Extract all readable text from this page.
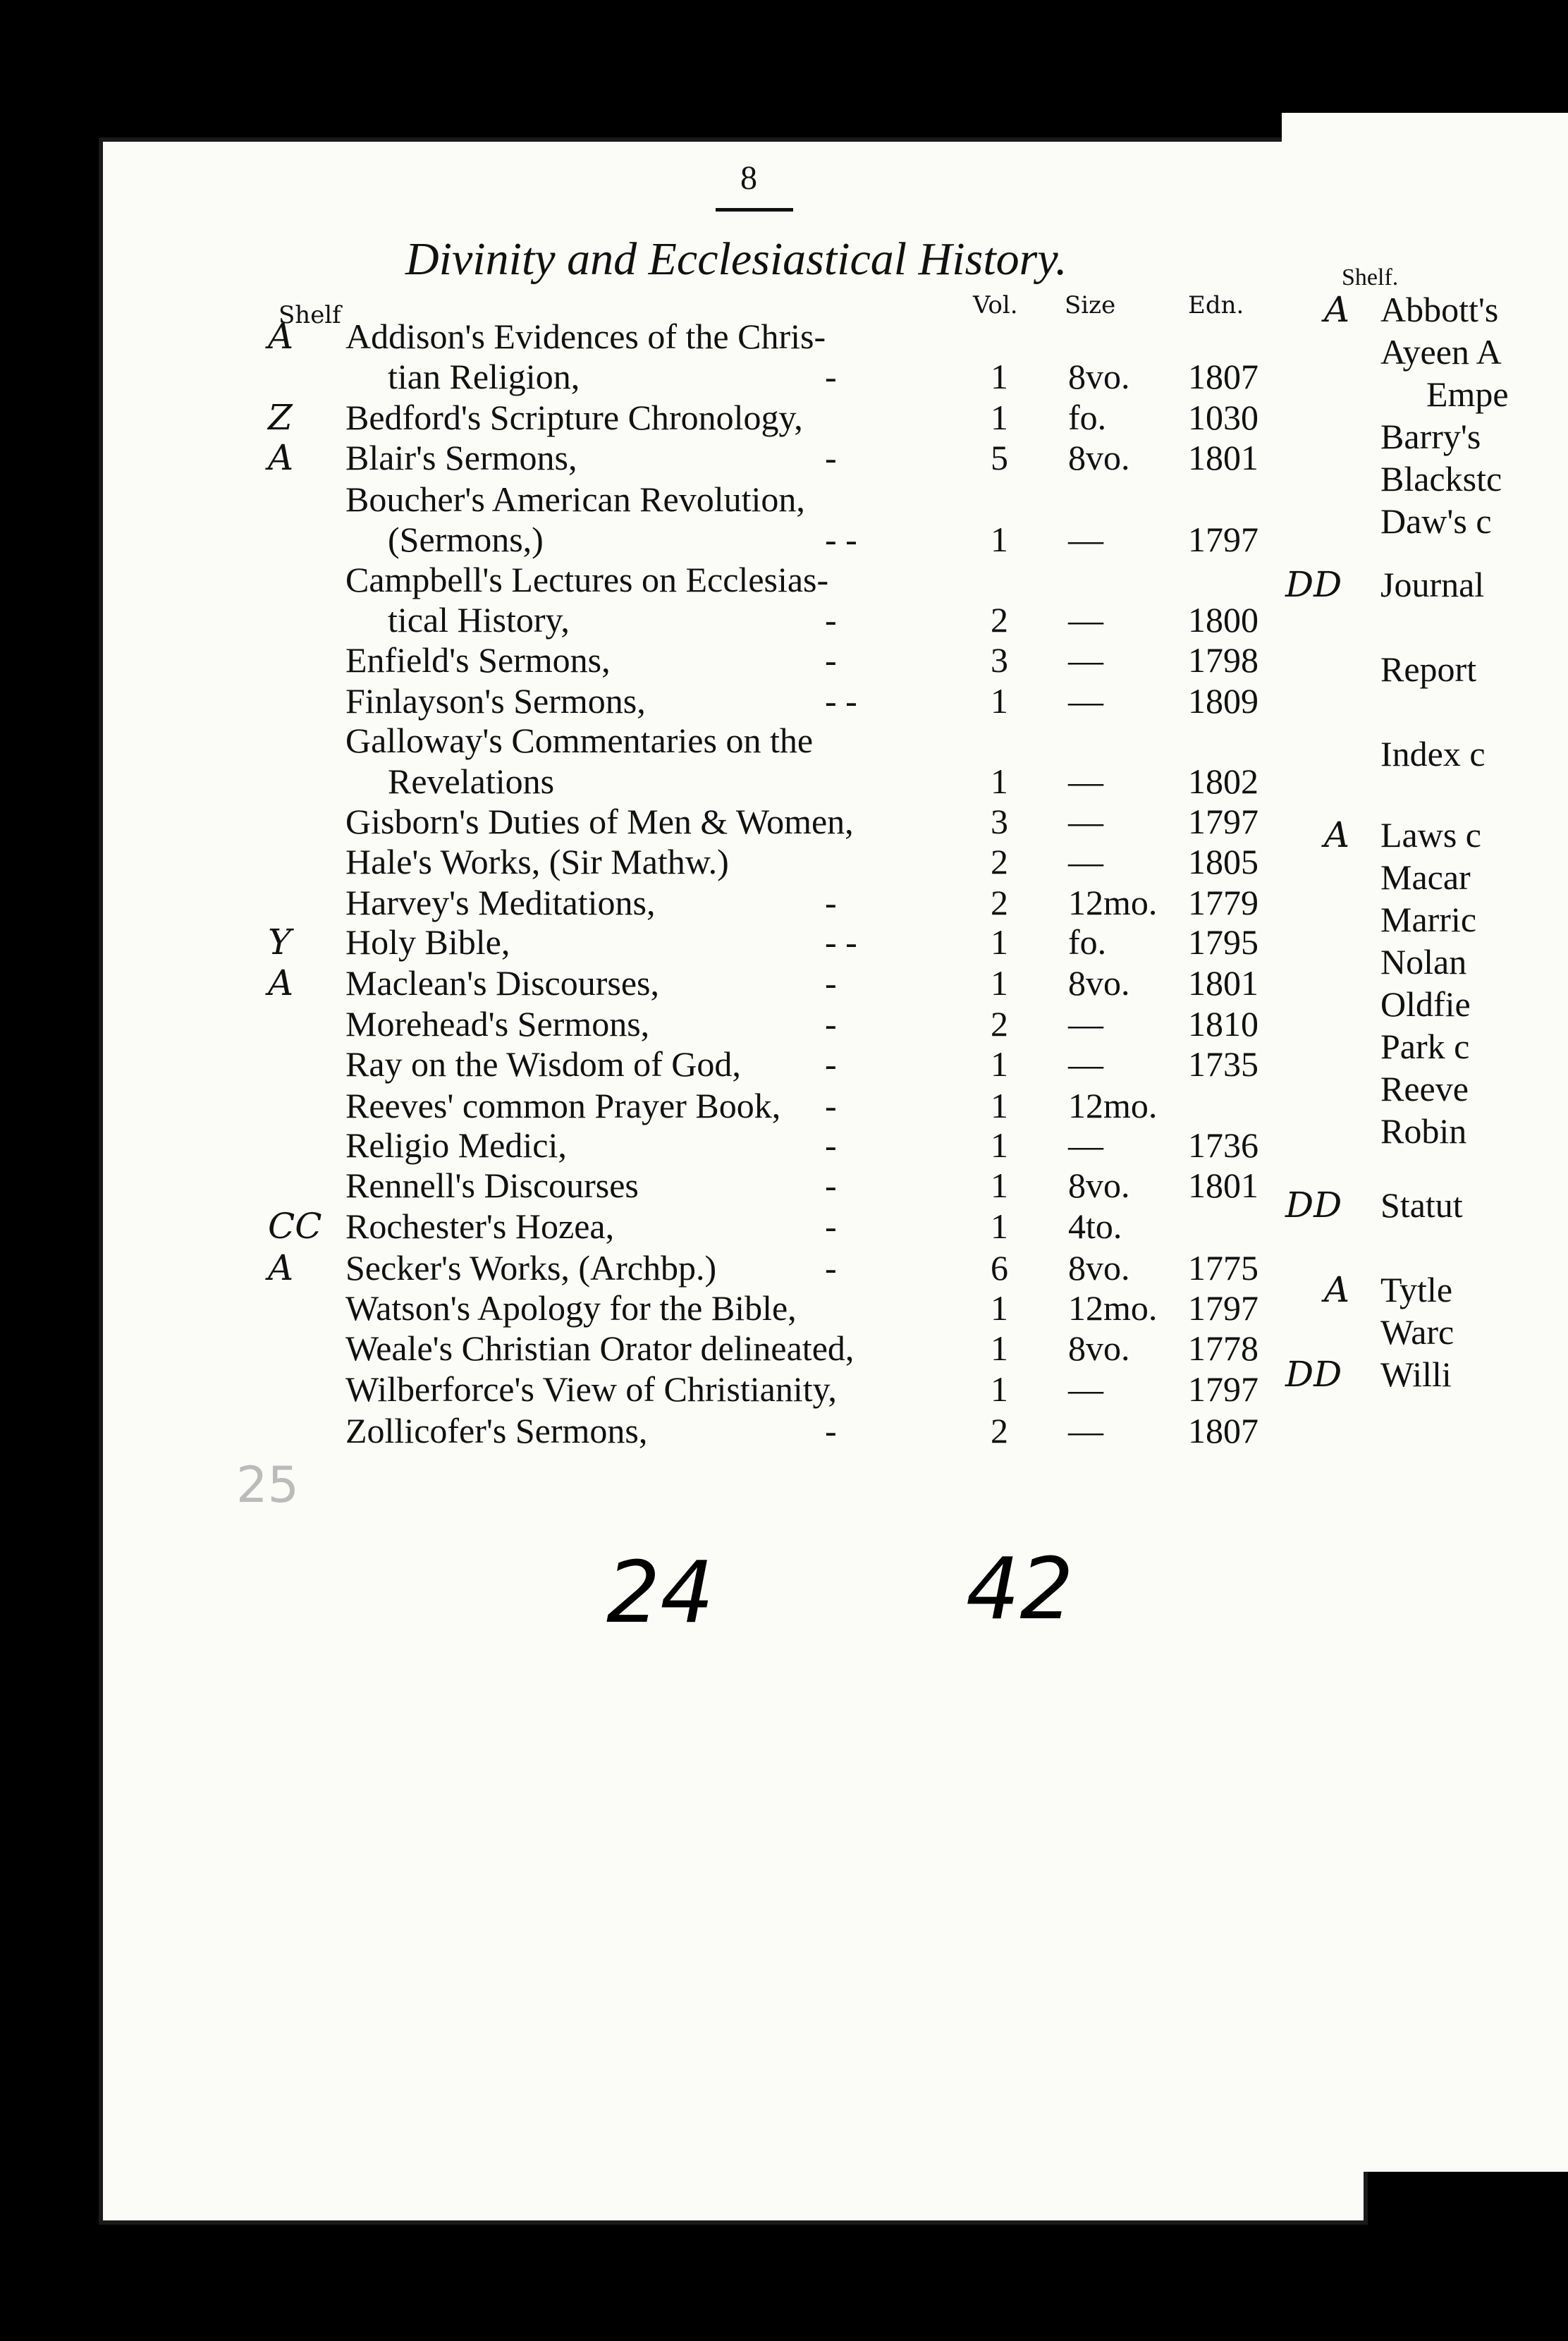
8
Divinity and Ecclesiastical History.
Shelf	Vol. Size	Edn.
A Addison's Evidences of the Chris-
tian Religion,	-	1 8vo. 1807
Z Bedford's Scripture Chronology,	1 fo. 1030
A Blair's Sermons,	-	5 8vo. 1801
Boucher's American Revolution,
(Sermons,)	- -	1 — 1797
Campbell's Lectures on Ecclesias-
tical History,	-	2 — 1800
Enfield's Sermons,	-	3 — 1798
Finlayson's Sermons,	- -	1 — 1809
Galloway's Commentaries on the
Revelations	1 — 1802
Gisborn's Duties of Men & Women,	3 — 1797
Hale's Works, (Sir Mathw.)	2 — 1805
Harvey's Meditations,	-	2 12mo. 1779
Y Holy Bible,	- -	1 fo. 1795
A Maclean's Discourses,	-	1 8vo. 1801
Morehead's Sermons,	-	2 — 1810
Ray on the Wisdom of God, -	1 — 1735
Reeves' common Prayer Book, -	1 12mo.
Religio Medici,	-	1 — 1736
Rennell's Discourses	-	1 8vo. 1801
CC Rochester's Hozea,	-	1 4to.
A Secker's Works, (Archbp.)	-	6 8vo. 1775
Watson's Apology for the Bible,	1 12mo. 1797
Weale's Christian Orator delineated,	1 8vo. 1778
Wilberforce's View of Christianity,	1 — 1797
Zollicofer's Sermons,	-	2 — 1807
25
24	42
Shelf.
A Abbott's
Ayeen A
Empe
Barry's
Blackstc
Daw's c
DD Journal
Report
Index c
A Laws c
Macar
Marric
Nolan
Oldfie
Park c
Reeve
Robin
DD Statut
A Tytle
Warc
DD Willi
